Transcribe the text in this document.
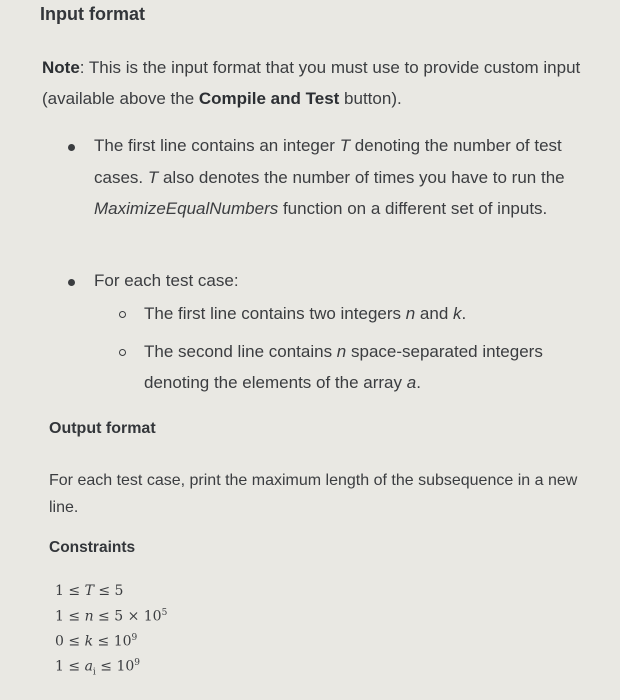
Input format

Note: This is the input format that you must use to provide custom input (available above the Compile and Test button).

The first line contains an integer T denoting the number of test cases. T also denotes the number of times you have to run the MaximizeEqualNumbers function on a different set of inputs.
For each test case:
The first line contains two integers n and k.
The second line contains n space-separated integers denoting the elements of the array a.
Output format

For each test case, print the maximum length of the subsequence in a new line.

Constraints
1 ≤ T ≤ 5
$1 \le n \le 5 \times 10^5$
$0 \le k \le 10^9$
$1 \le a_i \le 10^9$
